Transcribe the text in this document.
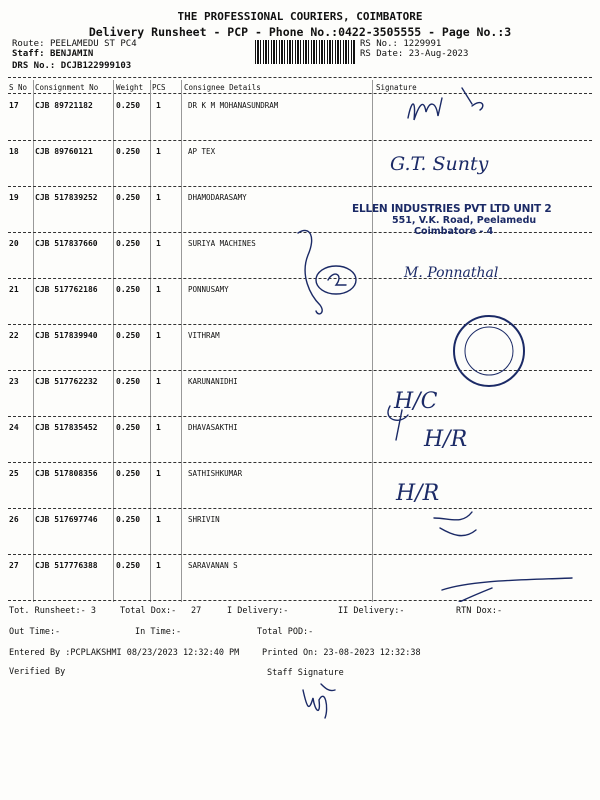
THE PROFESSIONAL COURIERS, COIMBATORE
Delivery Runsheet - PCP - Phone No.:0422-3505555 - Page No.:3
Route: PEELAMEDU ST PC4
Staff: BENJAMIN
DRS No.: DCJB122999103
RS No.: 1229991
RS Date: 23-Aug-2023
S No Consignment No Weight PCS Consignee Details	Signature
17 CJB 89721182	0.250 1	DR K M MOHANASUNDRAM
18 CJB 89760121	0.250 1	AP TEX
19 CJB 517839252 0.250 1	DHAMODARASAMY
20 CJB 517837660 0.250 1	SURIYA MACHINES
21 CJB 517762186 0.250 1	PONNUSAMY
22 CJB 517839940 0.250 1	VITHRAM
23 CJB 517762232 0.250 1	KARUNANIDHI
24 CJB 517835452 0.250 1	DHAVASAKTHI
25 CJB 517808356 0.250 1	SATHISHKUMAR
26 CJB 517697746 0.250 1	SHRIVIN
27 CJB 517776388 0.250 1	SARAVANAN S
G.T. Sunty
M. Ponnathal
H/C
H/R
H/R
ELLEN INDUSTRIES PVT LTD UNIT 2
551, V.K. Road, Peelamedu
Coimbatore - 4
Tot. Runsheet:- 3	Total Dox:- 27	I Delivery:-	II Delivery:-	RTN Dox:-
Out Time:-	In Time:-	Total POD:-
Entered By :PCPLAKSHMI 08/23/2023 12:32:40 PM	Printed On: 23-08-2023 12:32:38
Verified By	Staff Signature
